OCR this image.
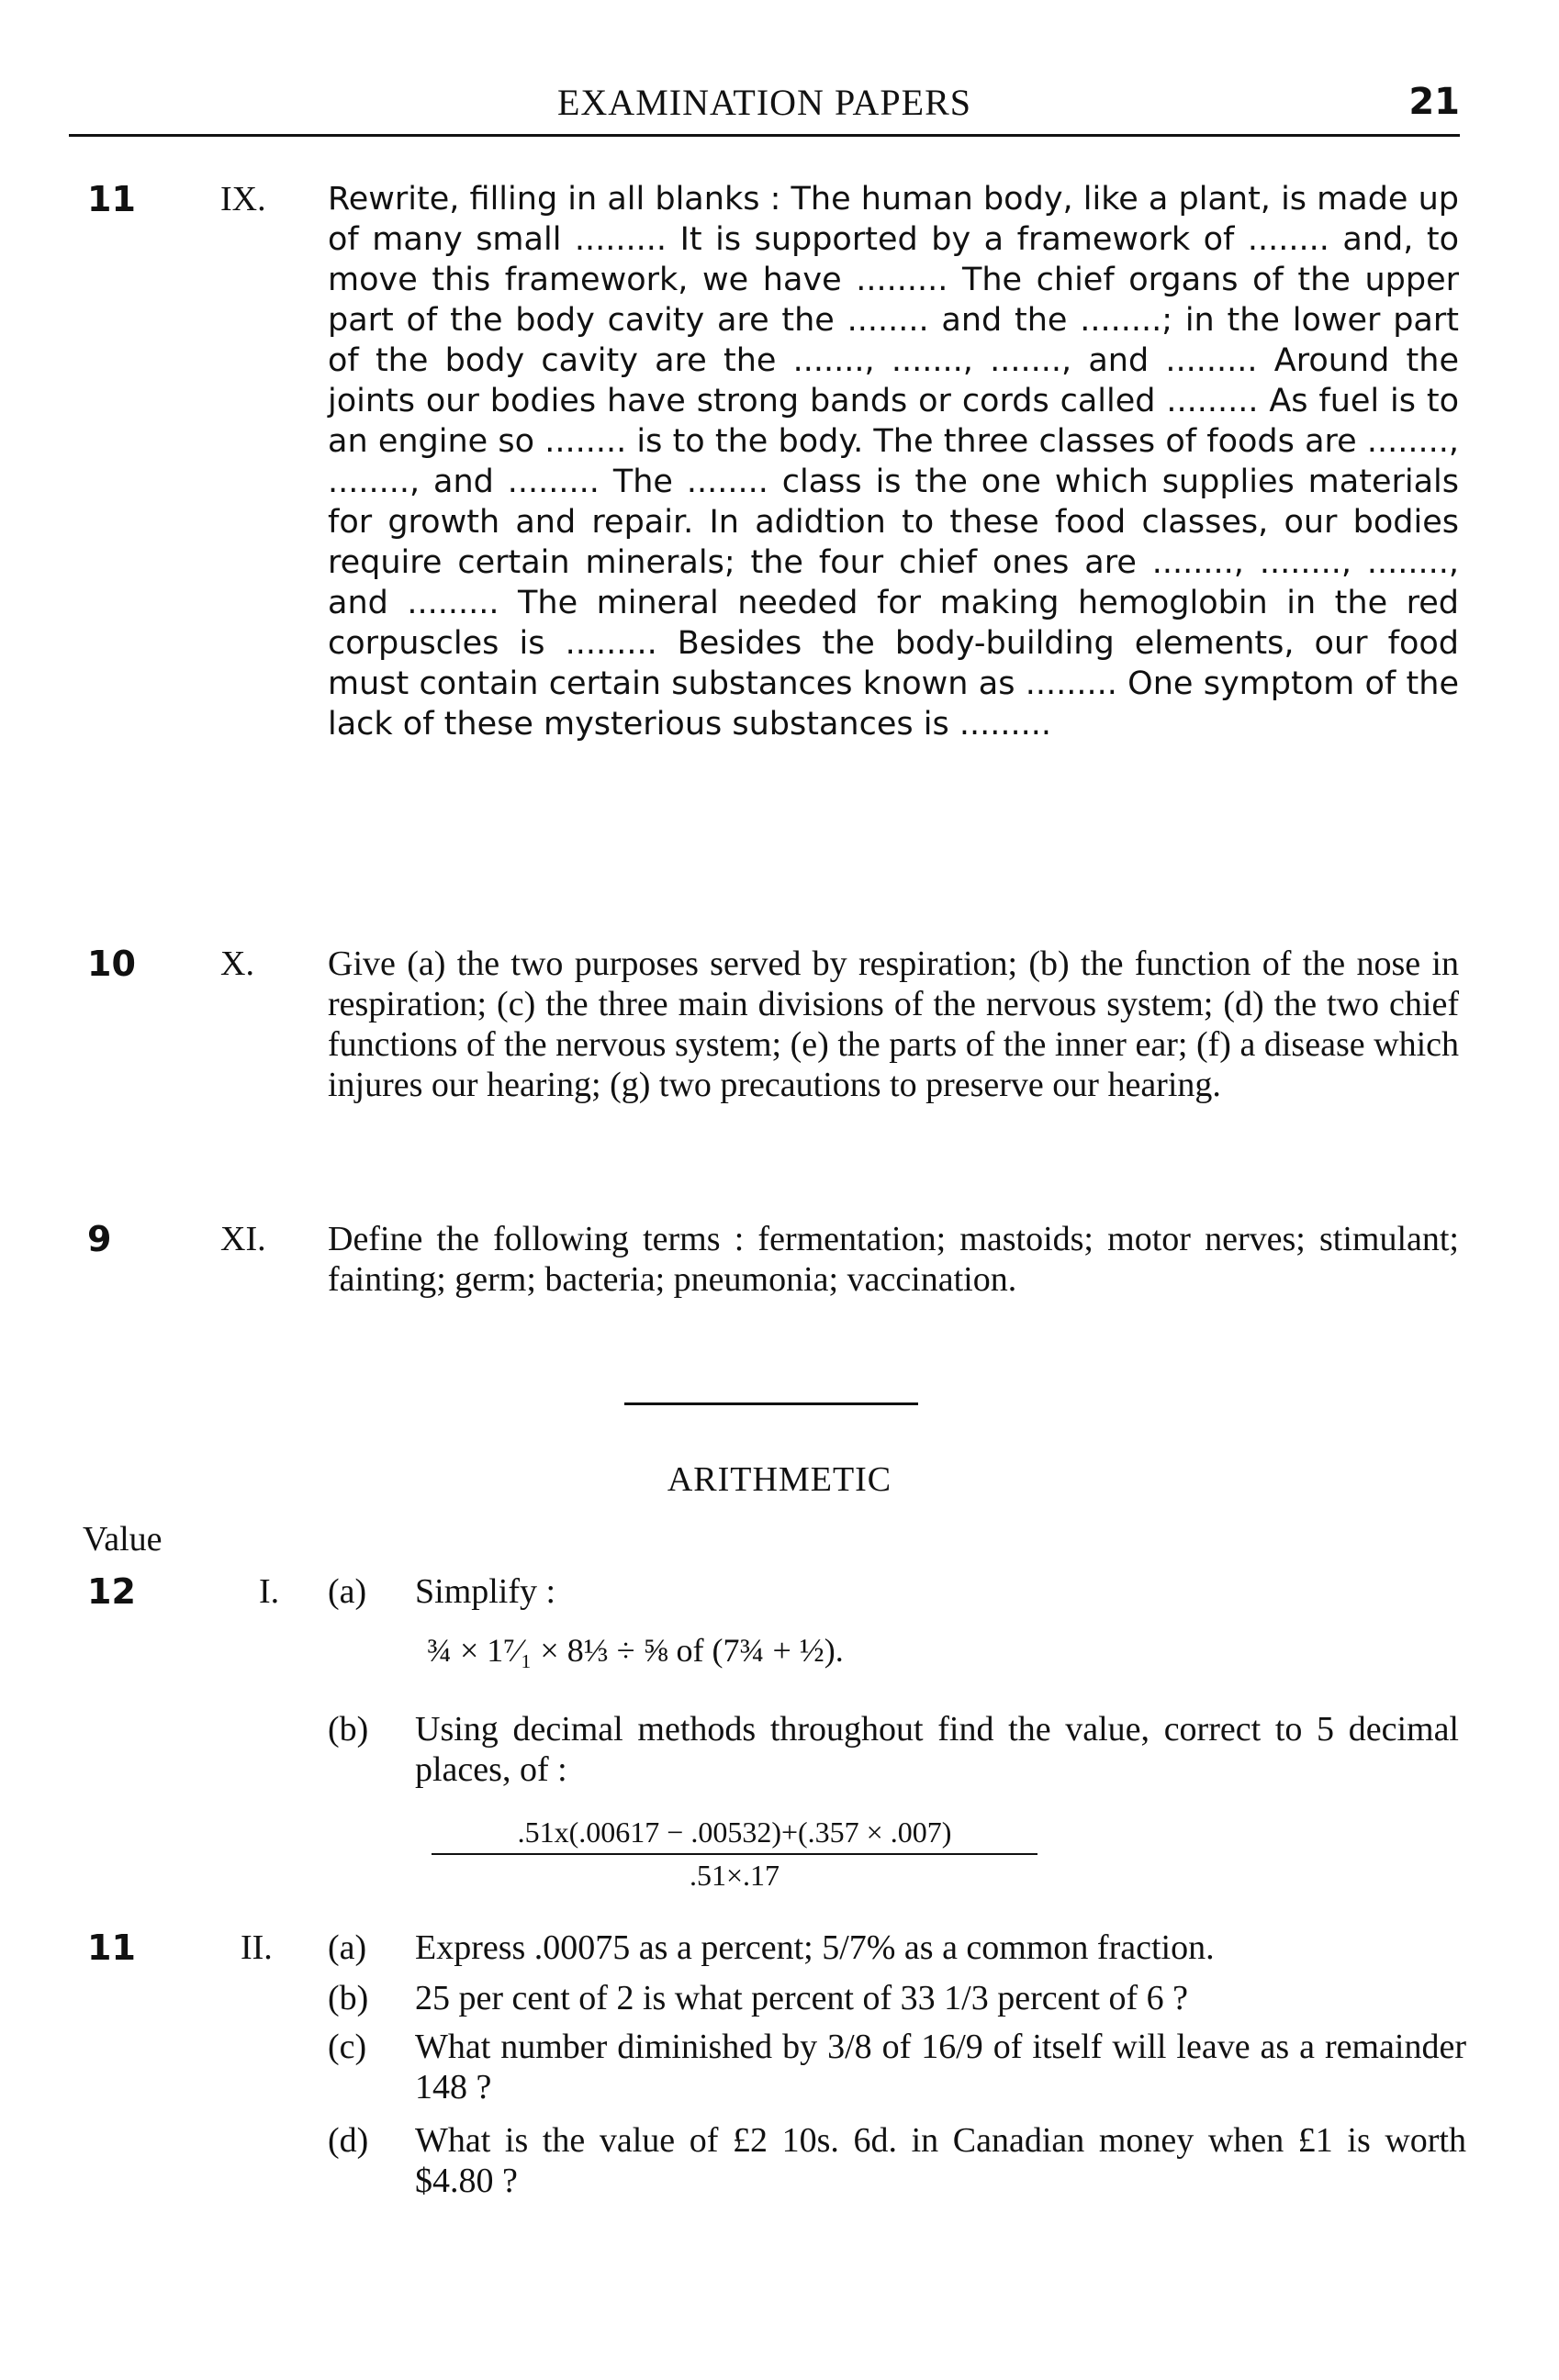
EXAMINATION PAPERS	21
11	IX.	Rewrite, filling in all blanks : The human body, like a plant, is made up of many small ......... It is supported by a framework of ........ and, to move this framework, we have ......... The chief organs of the upper part of the body cavity are the ........ and the ........; in the lower part of the body cavity are the ......., ......., ......., and ......... Around the joints our bodies have strong bands or cords called ......... As fuel is to an engine so ........ is to the body. The three classes of foods are ........, ........, and ......... The ........ class is the one which supplies materials for growth and repair. In adidtion to these food classes, our bodies require certain minerals; the four chief ones are ........, ........, ........, and ......... The mineral needed for making hemoglobin in the red corpuscles is ......... Besides the body-building elements, our food must contain certain substances known as ......... One symptom of the lack of these mysterious substances is .........
10	X.	Give (a) the two purposes served by respiration; (b) the function of the nose in respiration; (c) the three main divisions of the nervous system; (d) the two chief functions of the nervous system; (e) the parts of the inner ear; (f) a disease which injures our hearing; (g) two precautions to preserve our hearing.
9	XI.	Define the following terms : fermentation; mastoids; motor nerves; stimulant; fainting; germ; bacteria; pneumonia; vaccination.
ARITHMETIC
Value
12	I.	(a)	Simplify :
¾ × 1⁷⁄₁ × 8⅓ ÷ ⅝ of (7¾ + ½).
(b)	Using decimal methods throughout find the value, correct to 5 decimal places, of :
$\frac{.51x(.00617 - .00532)+(.357 \times .007)}{.51\times.17}$
11	II.	(a)	Express .00075 as a percent; 5/7% as a common fraction.
(b)	25 per cent of 2 is what percent of 33 1/3 percent of 6 ?
(c)	What number diminished by 3/8 of 16/9 of itself will leave as a remainder 148 ?
(d)	What is the value of £2 10s. 6d. in Canadian money when £1 is worth $4.80 ?
